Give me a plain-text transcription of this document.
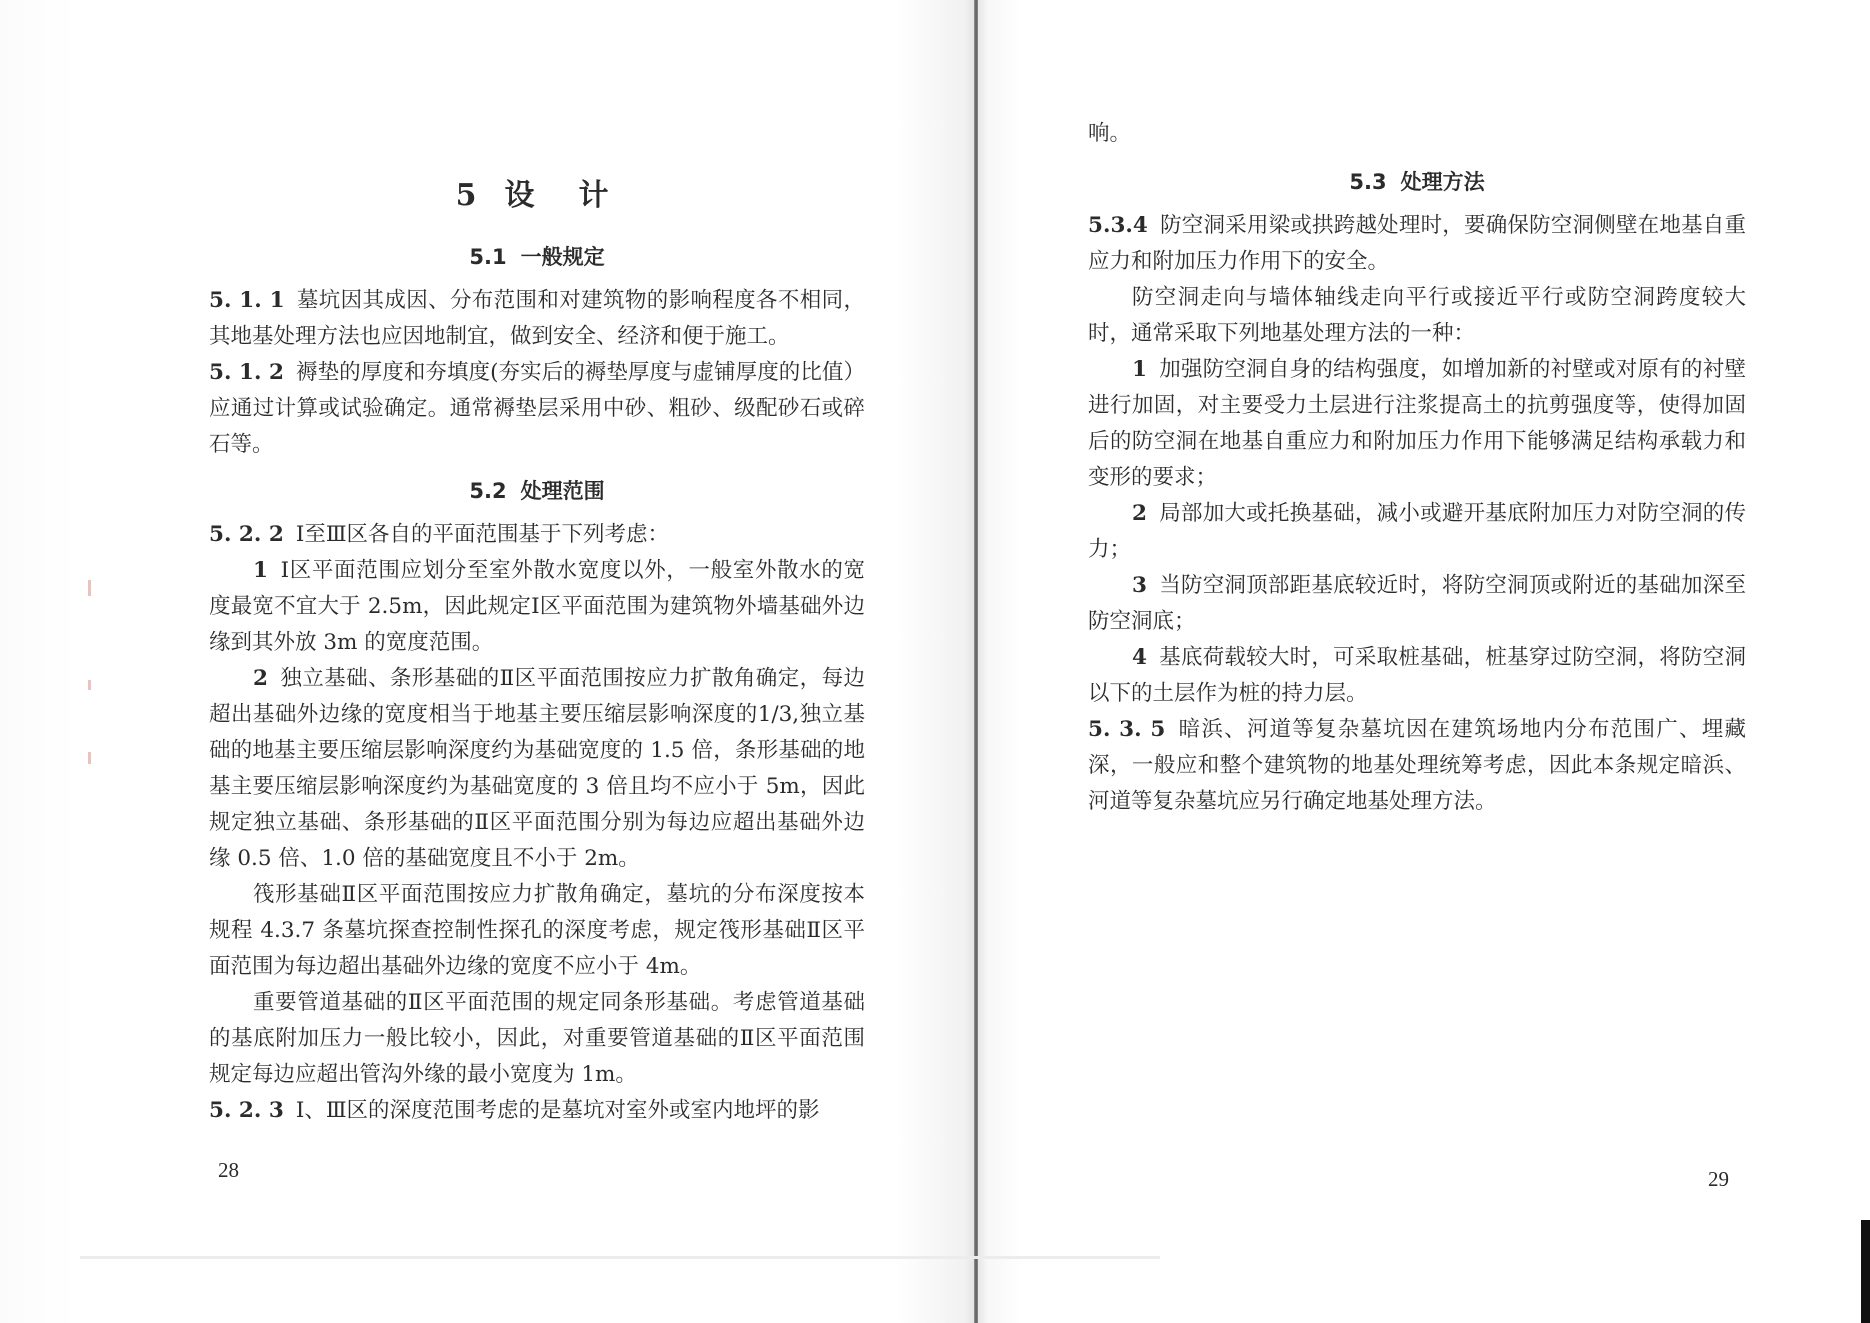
5 设 计
5.1 一般规定

5. 1. 1 墓坑因其成因、分布范围和对建筑物的影响程度各不相同，其地基处理方法也应因地制宜，做到安全、经济和便于施工。

5. 1. 2 褥垫的厚度和夯填度(夯实后的褥垫厚度与虚铺厚度的比值）应通过计算或试验确定。通常褥垫层采用中砂、粗砂、级配砂石或碎石等。

5.2 处理范围

5. 2. 2 Ⅰ至Ⅲ区各自的平面范围基于下列考虑：

1 Ⅰ区平面范围应划分至室外散水宽度以外，一般室外散水的宽度最宽不宜大于 2.5m，因此规定Ⅰ区平面范围为建筑物外墙基础外边缘到其外放 3m 的宽度范围。

2 独立基础、条形基础的Ⅱ区平面范围按应力扩散角确定，每边超出基础外边缘的宽度相当于地基主要压缩层影响深度的1/3,独立基础的地基主要压缩层影响深度约为基础宽度的 1.5 倍，条形基础的地基主要压缩层影响深度约为基础宽度的 3 倍且均不应小于 5m，因此规定独立基础、条形基础的Ⅱ区平面范围分别为每边应超出基础外边缘 0.5 倍、1.0 倍的基础宽度且不小于 2m。

筏形基础Ⅱ区平面范围按应力扩散角确定，墓坑的分布深度按本规程 4.3.7 条墓坑探查控制性探孔的深度考虑，规定筏形基础Ⅱ区平面范围为每边超出基础外边缘的宽度不应小于 4m。

重要管道基础的Ⅱ区平面范围的规定同条形基础。考虑管道基础的基底附加压力一般比较小，因此，对重要管道基础的Ⅱ区平面范围规定每边应超出管沟外缘的最小宽度为 1m。

5. 2. 3 Ⅰ、Ⅲ区的深度范围考虑的是墓坑对室外或室内地坪的影

28

响。

5.3 处理方法

5.3.4 防空洞采用梁或拱跨越处理时，要确保防空洞侧壁在地基自重应力和附加压力作用下的安全。

防空洞走向与墙体轴线走向平行或接近平行或防空洞跨度较大时，通常采取下列地基处理方法的一种：

1 加强防空洞自身的结构强度，如增加新的衬壁或对原有的衬壁进行加固，对主要受力土层进行注浆提高土的抗剪强度等，使得加固后的防空洞在地基自重应力和附加压力作用下能够满足结构承载力和变形的要求；

2 局部加大或托换基础，减小或避开基底附加压力对防空洞的传力；

3 当防空洞顶部距基底较近时，将防空洞顶或附近的基础加深至防空洞底；

4 基底荷载较大时，可采取桩基础，桩基穿过防空洞，将防空洞以下的土层作为桩的持力层。

5. 3. 5 暗浜、河道等复杂墓坑因在建筑场地内分布范围广、埋藏深，一般应和整个建筑物的地基处理统筹考虑，因此本条规定暗浜、河道等复杂墓坑应另行确定地基处理方法。

29
